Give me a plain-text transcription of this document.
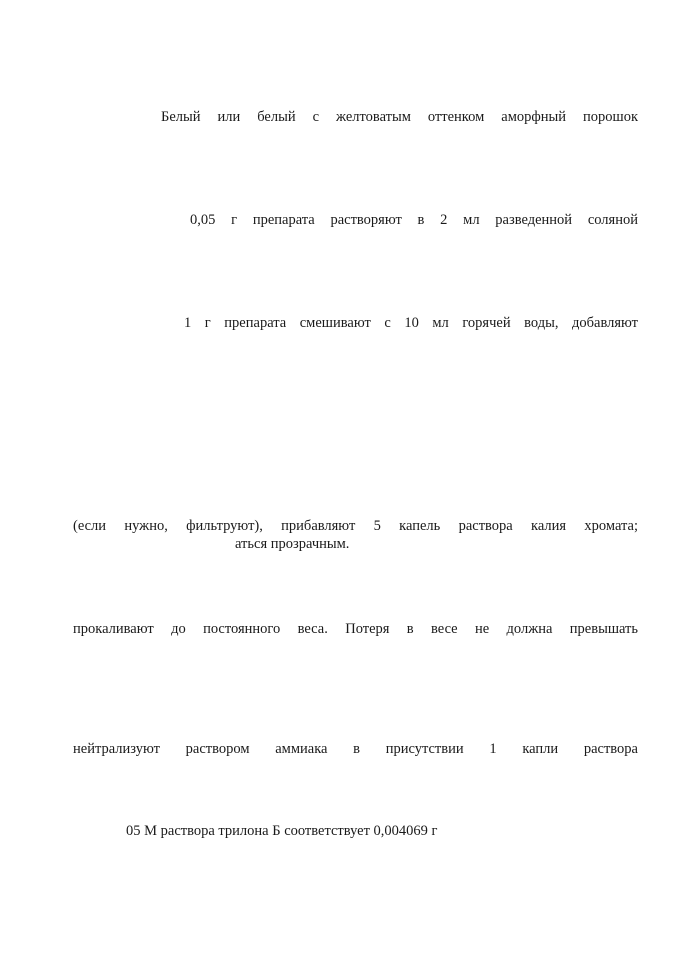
Белый или белый с желтоватым оттенком аморфный порошок
0,05 г препарата растворяют в 2 мл разведенной соляной
1 г препарата смешивают с 10 мл горячей воды, добавляют
(если нужно, фильтруют), прибавляют 5 капель раствора калия хромата;
аться прозрачным.
прокаливают до постоянного веса. Потеря в весе не должна превышать
нейтрализуют раствором аммиака в присутствии 1 капли раствора
05 М раствора трилона Б соответствует 0,004069 г
